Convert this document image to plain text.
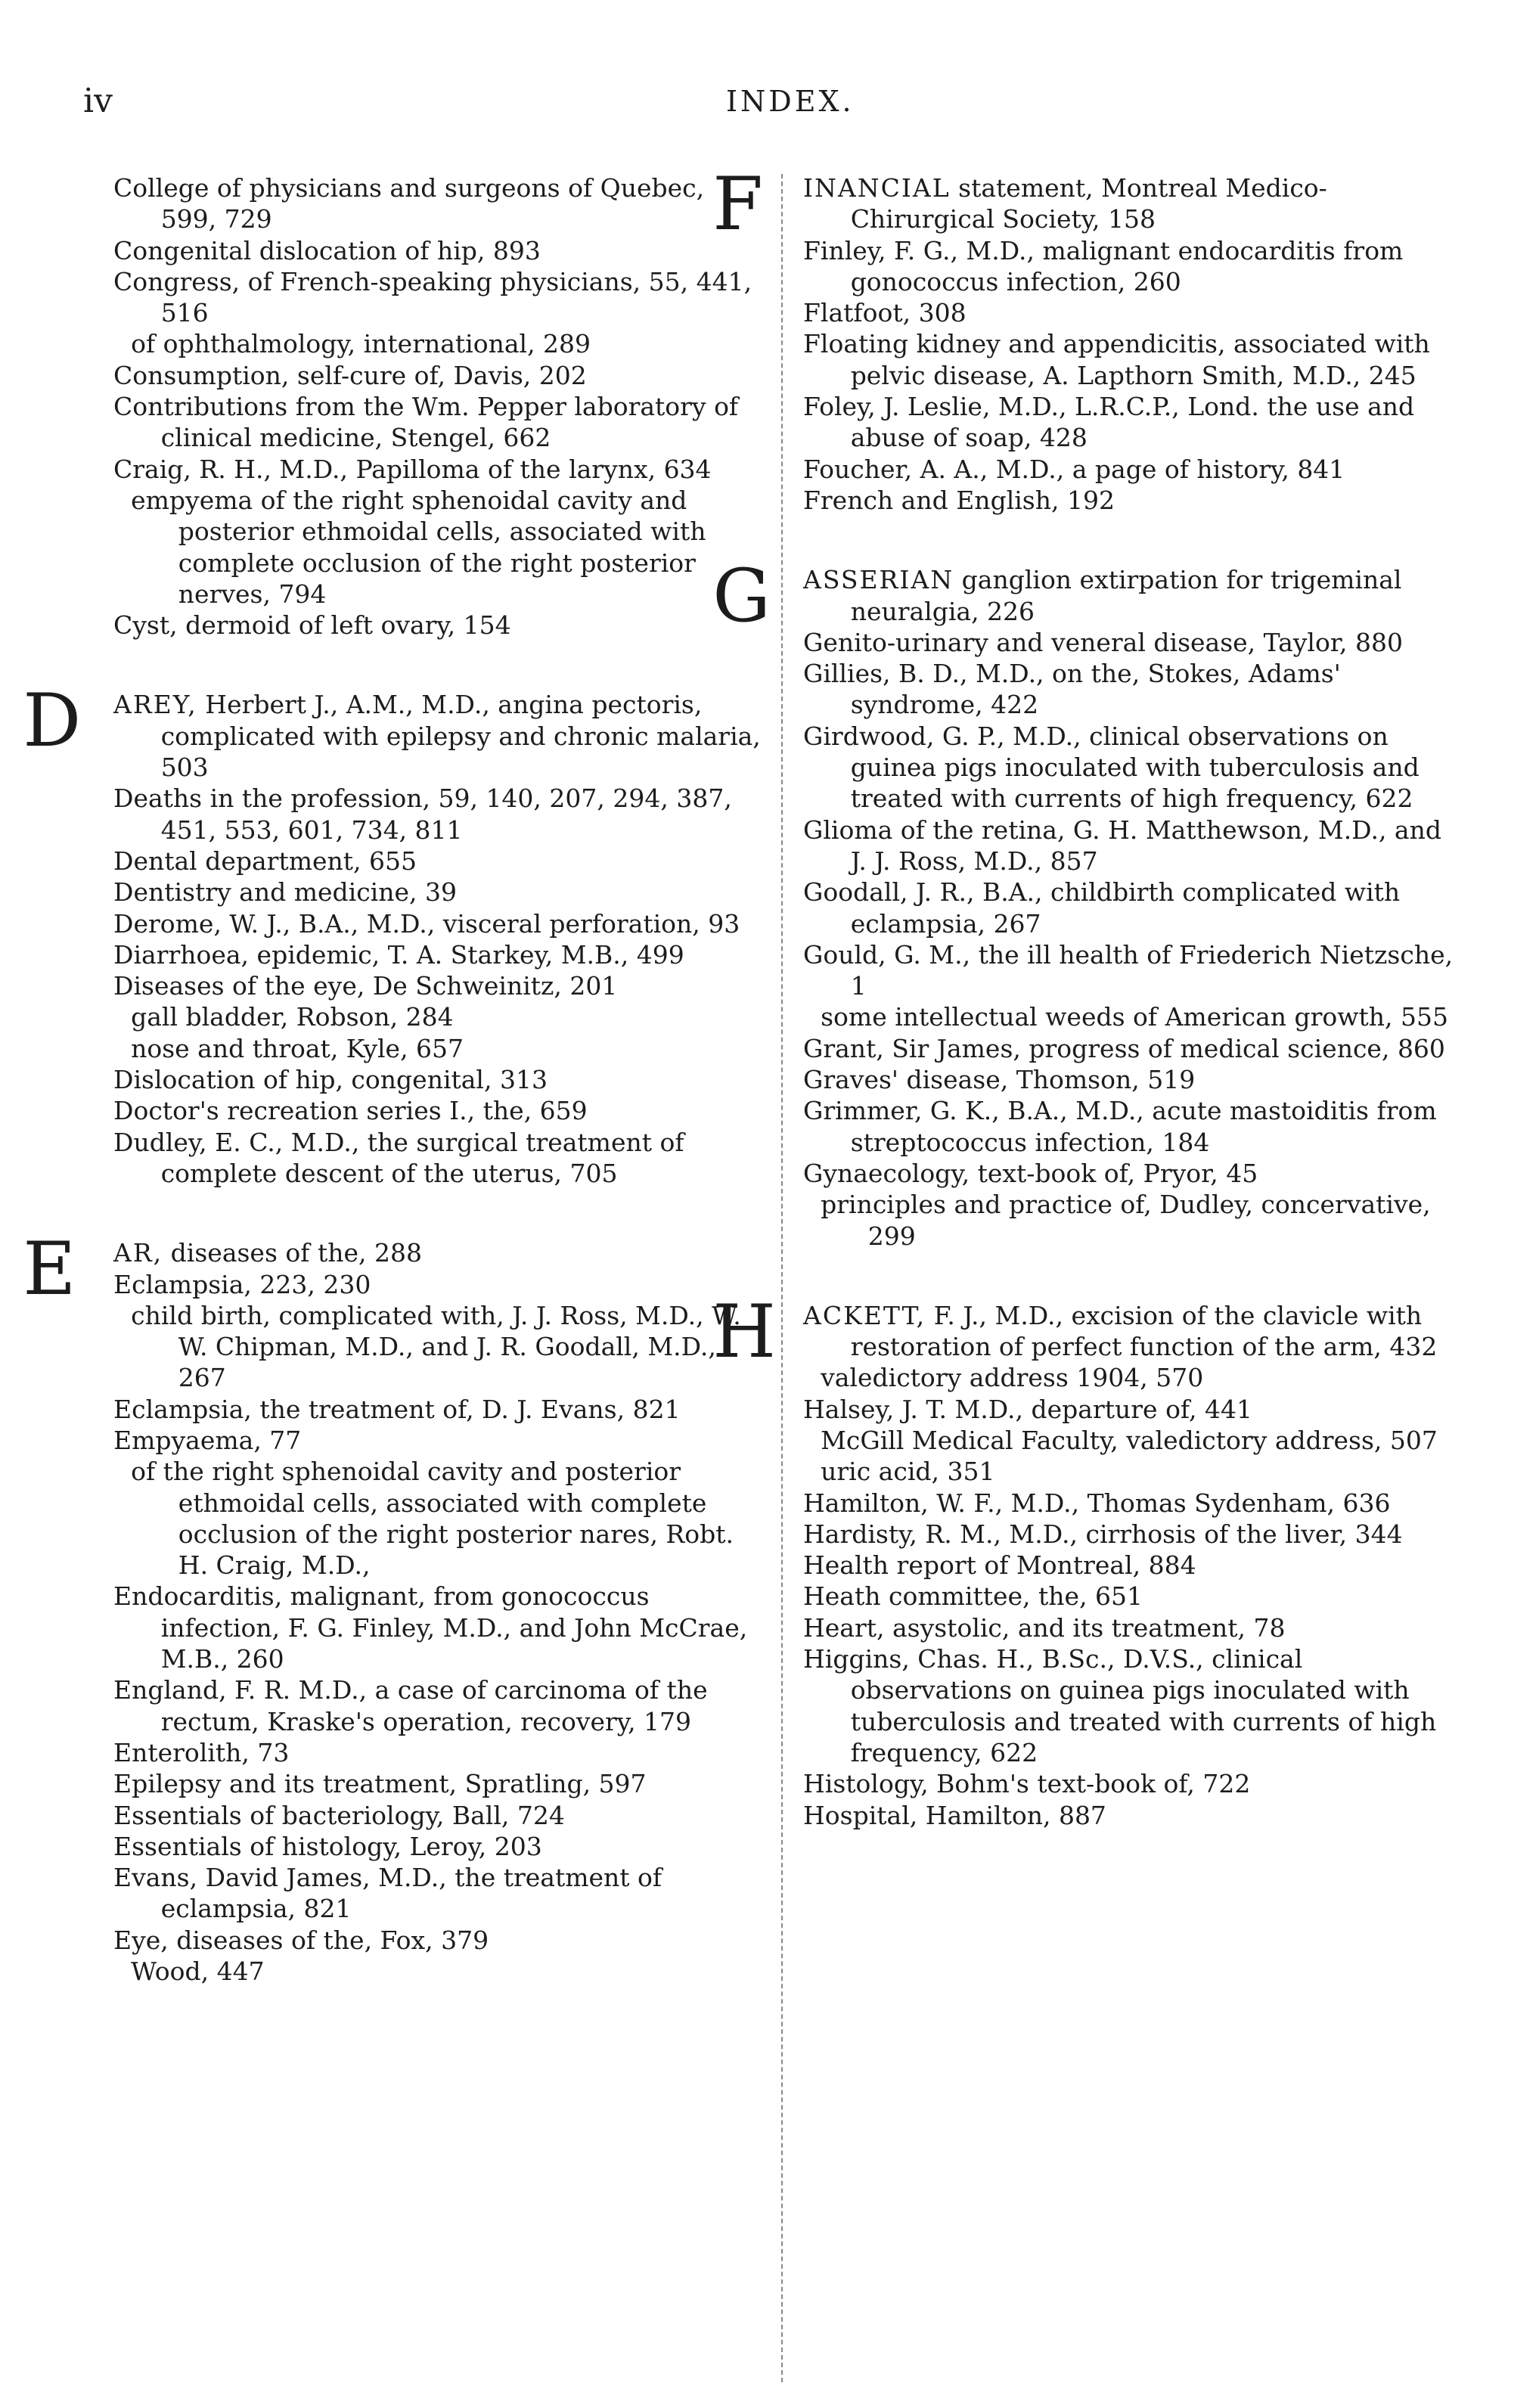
iv	INDEX.
College of physicians and surgeons of Quebec, 599, 729
Congenital dislocation of hip, 893
Congress, of French-speaking physicians, 55, 441, 516
of ophthalmology, international, 289
Consumption, self-cure of, Davis, 202
Contributions from the Wm. Pepper laboratory of clinical medicine, Stengel, 662
Craig, R. H., M.D., Papilloma of the larynx, 634
empyema of the right sphenoidal cavity and posterior ethmoidal cells, associated with complete occlusion of the right posterior nerves, 794
Cyst, dermoid of left ovary, 154
D AREY, Herbert J., A.M., M.D., angina pectoris, complicated with epilepsy and chronic malaria, 503
Deaths in the profession, 59, 140, 207, 294, 387, 451, 553, 601, 734, 811
Dental department, 655
Dentistry and medicine, 39
Derome, W. J., B.A., M.D., visceral perforation, 93
Diarrhoea, epidemic, T. A. Starkey, M.B., 499
Diseases of the eye, De Schweinitz, 201
gall bladder, Robson, 284
nose and throat, Kyle, 657
Dislocation of hip, congenital, 313
Doctor's recreation series I., the, 659
Dudley, E. C., M.D., the surgical treatment of complete descent of the uterus, 705
E AR, diseases of the, 288
Eclampsia, 223, 230
child birth, complicated with, J. J. Ross, M.D., W. W. Chipman, M.D., and J. R. Goodall, M.D., 267
Eclampsia, the treatment of, D. J. Evans, 821
Empyaema, 77
of the right sphenoidal cavity and posterior ethmoidal cells, associated with complete occlusion of the right posterior nares, Robt. H. Craig, M.D.,
Endocarditis, malignant, from gonococcus infection, F. G. Finley, M.D., and John McCrae, M.B., 260
England, F. R. M.D., a case of carcinoma of the rectum, Kraske's operation, recovery, 179
Enterolith, 73
Epilepsy and its treatment, Spratling, 597
Essentials of bacteriology, Ball, 724
Essentials of histology, Leroy, 203
Evans, David James, M.D., the treatment of eclampsia, 821
Eye, diseases of the, Fox, 379
Wood, 447
F INANCIAL statement, Montreal Medico-Chirurgical Society, 158
Finley, F. G., M.D., malignant endocarditis from gonococcus infection, 260
Flatfoot, 308
Floating kidney and appendicitis, associated with pelvic disease, A. Lapthorn Smith, M.D., 245
Foley, J. Leslie, M.D., L.R.C.P., Lond. the use and abuse of soap, 428
Foucher, A. A., M.D., a page of history, 841
French and English, 192
G ASSERIAN ganglion extirpation for trigeminal neuralgia, 226
Genito-urinary and veneral disease, Taylor, 880
Gillies, B. D., M.D., on the, Stokes, Adams' syndrome, 422
Girdwood, G. P., M.D., clinical observations on guinea pigs inoculated with tuberculosis and treated with currents of high frequency, 622
Glioma of the retina, G. H. Matthewson, M.D., and J. J. Ross, M.D., 857
Goodall, J. R., B.A., childbirth complicated with eclampsia, 267
Gould, G. M., the ill health of Friederich Nietzsche, 1
some intellectual weeds of American growth, 555
Grant, Sir James, progress of medical science, 860
Graves' disease, Thomson, 519
Grimmer, G. K., B.A., M.D., acute mastoiditis from streptococcus infection, 184
Gynaecology, text-book of, Pryor, 45
principles and practice of, Dudley, concervative, 299
H ACKETT, F. J., M.D., excision of the clavicle with restoration of perfect function of the arm, 432
valedictory address 1904, 570
Halsey, J. T. M.D., departure of, 441
McGill Medical Faculty, valedictory address, 507
uric acid, 351
Hamilton, W. F., M.D., Thomas Sydenham, 636
Hardisty, R. M., M.D., cirrhosis of the liver, 344
Health report of Montreal, 884
Heath committee, the, 651
Heart, asystolic, and its treatment, 78
Higgins, Chas. H., B.Sc., D.V.S., clinical observations on guinea pigs inoculated with tuberculosis and treated with currents of high frequency, 622
Histology, Bohm's text-book of, 722
Hospital, Hamilton, 887
